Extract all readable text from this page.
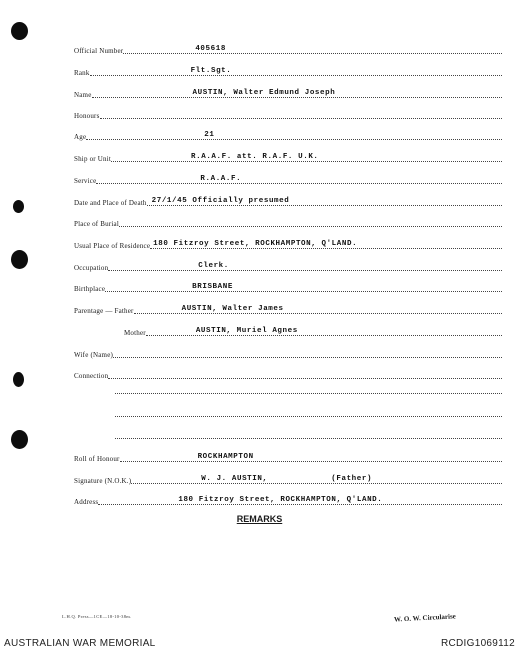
Official Number	405618
Rank	Flt.Sgt.
Name	AUSTIN, Walter Edmund Joseph
Honours
Age	21
Ship or Unit	R.A.A.F. att. R.A.F. U.K.
Service	R.A.A.F.
Date and Place of Death 27/1/45 Officially presumed
Place of Burial
Usual Place of Residence 180 Fitzroy Street, ROCKHAMPTON, Q'LAND.
Occupation	Clerk.
Birthplace	BRISBANE
Parentage — Father	AUSTIN, Walter James
Mother	AUSTIN, Muriel Agnes
Wife (Name)
Connection
Roll of Honour	ROCKHAMPTON
Signature (N.O.K.)	W. J. AUSTIN,	(Father)
Address	180 Fitzroy Street, ROCKHAMPTON, Q'LAND.
REMARKS
L.H.Q. Press—1CE—18-10-38m.	W. O. W. Circularise
AUSTRALIAN WAR MEMORIAL	RCDIG1069112
